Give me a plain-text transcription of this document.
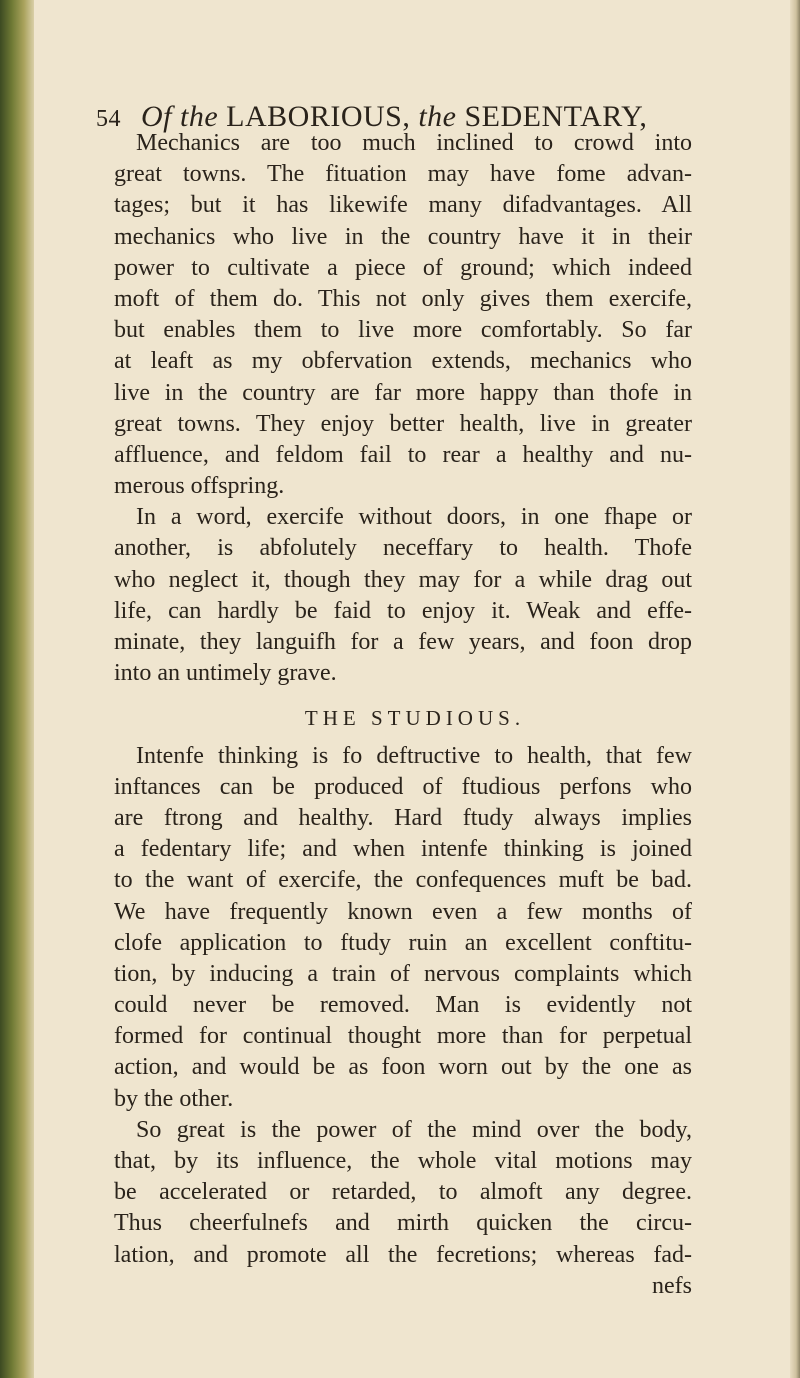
54 Of the LABORIOUS, the SEDENTARY,
Mechanics are too much inclined to crowd into
great towns. The fituation may have fome advan-
tages; but it has likewife many difadvantages. All
mechanics who live in the country have it in their
power to cultivate a piece of ground; which indeed
moft of them do. This not only gives them exercife,
but enables them to live more comfortably. So far
at leaft as my obfervation extends, mechanics who
live in the country are far more happy than thofe in
great towns. They enjoy better health, live in greater
affluence, and feldom fail to rear a healthy and nu-
merous offspring.
In a word, exercife without doors, in one fhape or
another, is abfolutely neceffary to health. Thofe
who neglect it, though they may for a while drag out
life, can hardly be faid to enjoy it. Weak and effe-
minate, they languifh for a few years, and foon drop
into an untimely grave.
THE STUDIOUS.
Intenfe thinking is fo deftructive to health, that few
inftances can be produced of ftudious perfons who
are ftrong and healthy. Hard ftudy always implies
a fedentary life; and when intenfe thinking is joined
to the want of exercife, the confequences muft be bad.
We have frequently known even a few months of
clofe application to ftudy ruin an excellent conftitu-
tion, by inducing a train of nervous complaints which
could never be removed. Man is evidently not
formed for continual thought more than for perpetual
action, and would be as foon worn out by the one as
by the other.
So great is the power of the mind over the body,
that, by its influence, the whole vital motions may
be accelerated or retarded, to almoft any degree.
Thus cheerfulnefs and mirth quicken the circu-
lation, and promote all the fecretions; whereas fad-
nefs
